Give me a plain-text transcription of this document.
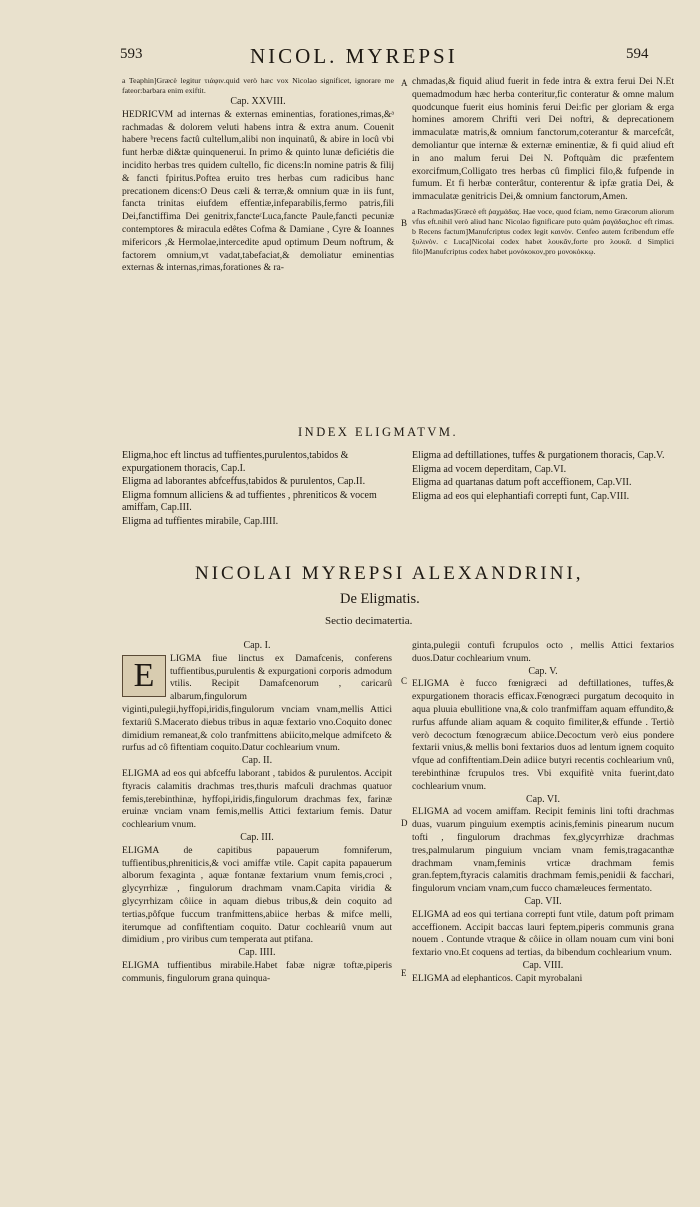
593	NICOL. MYREPSI	594

a Teaphin]Græcè legitur τιάφιν.quid verò hæc vox Nicolao significet, ignorare me fateor:barbara enim exiftit.

Cap. XXVIII.

HEDRICVM ad internas & externas eminentias, forationes,rimas,&ᵃ rachmadas & dolorem veluti habens intra & extra anum. Couenit habere ᵇrecens factû cultellum,alibi non inquinatû, & abire in locû vbi funt herbæ di&tæ quinquenerui. In primo & quinto lunæ deficiétis die incidito herbas tres quidem cultello, fic dicens:In nomine patris & filij & fancti fpiritus.Poftea eruito tres herbas cum radicibus hanc precationem dicens:O Deus cæli & terræ,& omnium quæ in iis funt, fancta trinitas eiufdem effentiæ,infeparabilis,fermo patris,fili Dei,fanctiffima Dei genitrix,fancteᶜLuca,fancte Paule,fancti pecuniæ contemptores & miracula edêtes Cofma & Damiane , Cyre & Ioannes mifericors ,& Hermolae,intercedite apud optimum Deum noftrum, & factorem omnium,vt vadat,tabefaciat,& demoliatur eminentias externas & internas,rimas,forationes & ra-

chmadas,& fiquid aliud fuerit in fede intra & extra ferui Dei N.Et quemadmodum hæc herba conteritur,fic conteratur & omne malum quodcunque fuerit eius hominis ferui Dei:fic per gloriam & erga homines amorem Chrifti veri Dei noftri, & deprecationem immaculatæ matris,& omnium fanctorum,coterantur & marcefcât, demoliantur que internæ & externæ eminentiæ, & fi quid aliud eft in ano malum ferui Dei N. Poftquàm dic præfentem exorcifmum,Colligato tres herbas cû fimplici filo,& fufpende in fumum. Et fi herbæ conterâtur, conterentur & ipfæ gratia Dei, & immaculatæ genitricis Dei,& omnium fanctorum,Amen.

a Rachmadas]Græcè eft ῥαχμάδας. Hae voce, quod fciam, nemo Græcorum aliorum vfus eft.nihil verò aliud hanc Nicolao fignificare puto quàm ῥαγάδας,hoc eft rimas. b Recens factum]Manufcriptus codex legit καινὸν. Cenfeo autem fcribendum effe ξυλινὸν. c Luca]Nicolai codex habet λουκᾶν,forte pro λουκᾶ. d Simplici filo]Manufcriptus codex habet μονόκοκον,pro μονοκόκκῳ.

A
B
INDEX ELIGMATVM.
Eligma,hoc eft linctus ad tuffientes,purulentos,tabidos & expurgationem thoracis, Cap.I.
Eligma ad laborantes abfceffus,tabidos & purulentos, Cap.II.
Eligma fomnum alliciens & ad tuffientes , phreniticos & vocem amiffam, Cap.III.
Eligma ad tuffientes mirabile, Cap.IIII.
Eligma ad deftillationes, tuffes & purgationem thoracis, Cap.V.
Eligma ad vocem deperditam, Cap.VI.
Eligma ad quartanas datum poft acceffionem, Cap.VII.
Eligma ad eos qui elephantiafi correpti funt, Cap.VIII.
NICOLAI MYREPSI ALEXANDRINI,
De Eligmatis.
Sectio decimatertia.

Cap. I.

E	LIGMA fiue linctus ex Damafcenis, conferens tuffientibus,purulentis & expurgationi corporis admodum vtilis. Recipit Damafcenorum , caricarû albarum,fingulorum viginti,pulegii,hyffopi,iridis,fingulorum vnciam vnam,mellis Attici fextariû S.Macerato diebus tribus in aquæ fextario vno.Coquito donec dimidium remaneat,& colo tranfmittens abiicito,melque admifceto & rurfus ad cô fiftentiam coquito.Datur cochlearium vnum.

Cap. II.

ELIGMA ad eos qui abfceffu laborant , tabidos & purulentos. Accipit ftyracis calamitis drachmas tres,thuris mafculi drachmas quatuor femis,terebinthinæ, hyffopi,iridis,fingulorum drachmas fex, farinæ eruinæ vnciam vnam femis,mellis Attici fextarium femis. Datur cochlearium vnum.

Cap. III.

ELIGMA de capitibus papauerum fomniferum, tuffientibus,phreniticis,& voci amiffæ vtile. Capit capita papauerum alborum fexaginta , aquæ fontanæ fextarium vnum femis,croci , glycyrrhizæ , fingulorum drachmam vnam.Capita viridia & glycyrrhizam côiice in aquam diebus tribus,& dein coquito ad tertias,pôfque fuccum tranfmittens,abiice herbas & mifce melli, iterumque ad confiftentiam coquito. Datur cochleariû vnum aut dimidium , pro viribus cum temperata aut ptifana.

Cap. IIII.

ELIGMA tuffientibus mirabile.Habet fabæ nigræ toftæ,piperis communis, fingulorum grana quinqua-

C
D
E

ginta,pulegii contufi fcrupulos octo , mellis Attici fextarios duos.Datur cochlearium vnum.

Cap. V.

ELIGMA è fucco fœnigræci ad deftillationes, tuffes,& expurgationem thoracis efficax.Fœnogræci purgatum decoquito in aqua pluuia ebullitione vna,& colo tranfmiffam aquam effundito,& rurfus affunde aliam aquam & coquito fimiliter,& effunde . Tertiò verò decoctum fœnogræcum abiice.Decoctum verò eius pondere fextarii vnius,& mellis boni fextarios duos ad lentum ignem coquito vfque ad confiftentiam.Dein adiice butyri recentis cochlearium vnû, terebinthinæ fcrupulos tres. Vbi exquifitè vnita fuerint,dato cochlearium vnum.

Cap. VI.

ELIGMA ad vocem amiffam. Recipit feminis lini tofti drachmas duas, vuarum pinguium exemptis acinis,feminis pinearum nucum tofti , fingulorum drachmas fex,glycyrrhizæ drachmas tres,palmularum pinguium vnciam vnam femis,tragacanthæ drachmam vnam,feminis vrticæ drachmam femis gran.feptem,ftyracis calamitis drachmam femis,penidii & facchari, fingulorum vnciam vnam,cum fucco chamæleuces fermentato.

Cap. VII.

ELIGMA ad eos qui tertiana correpti funt vtile, datum poft primam acceffionem. Accipit baccas lauri feptem,piperis communis grana nouem . Contunde vtraque & côiice in ollam nouam cum vini boni fextario vno.Et coquens ad tertias, da bibendum cochlearium vnum.

Cap. VIII.

ELIGMA ad elephanticos. Capit myrobalani
